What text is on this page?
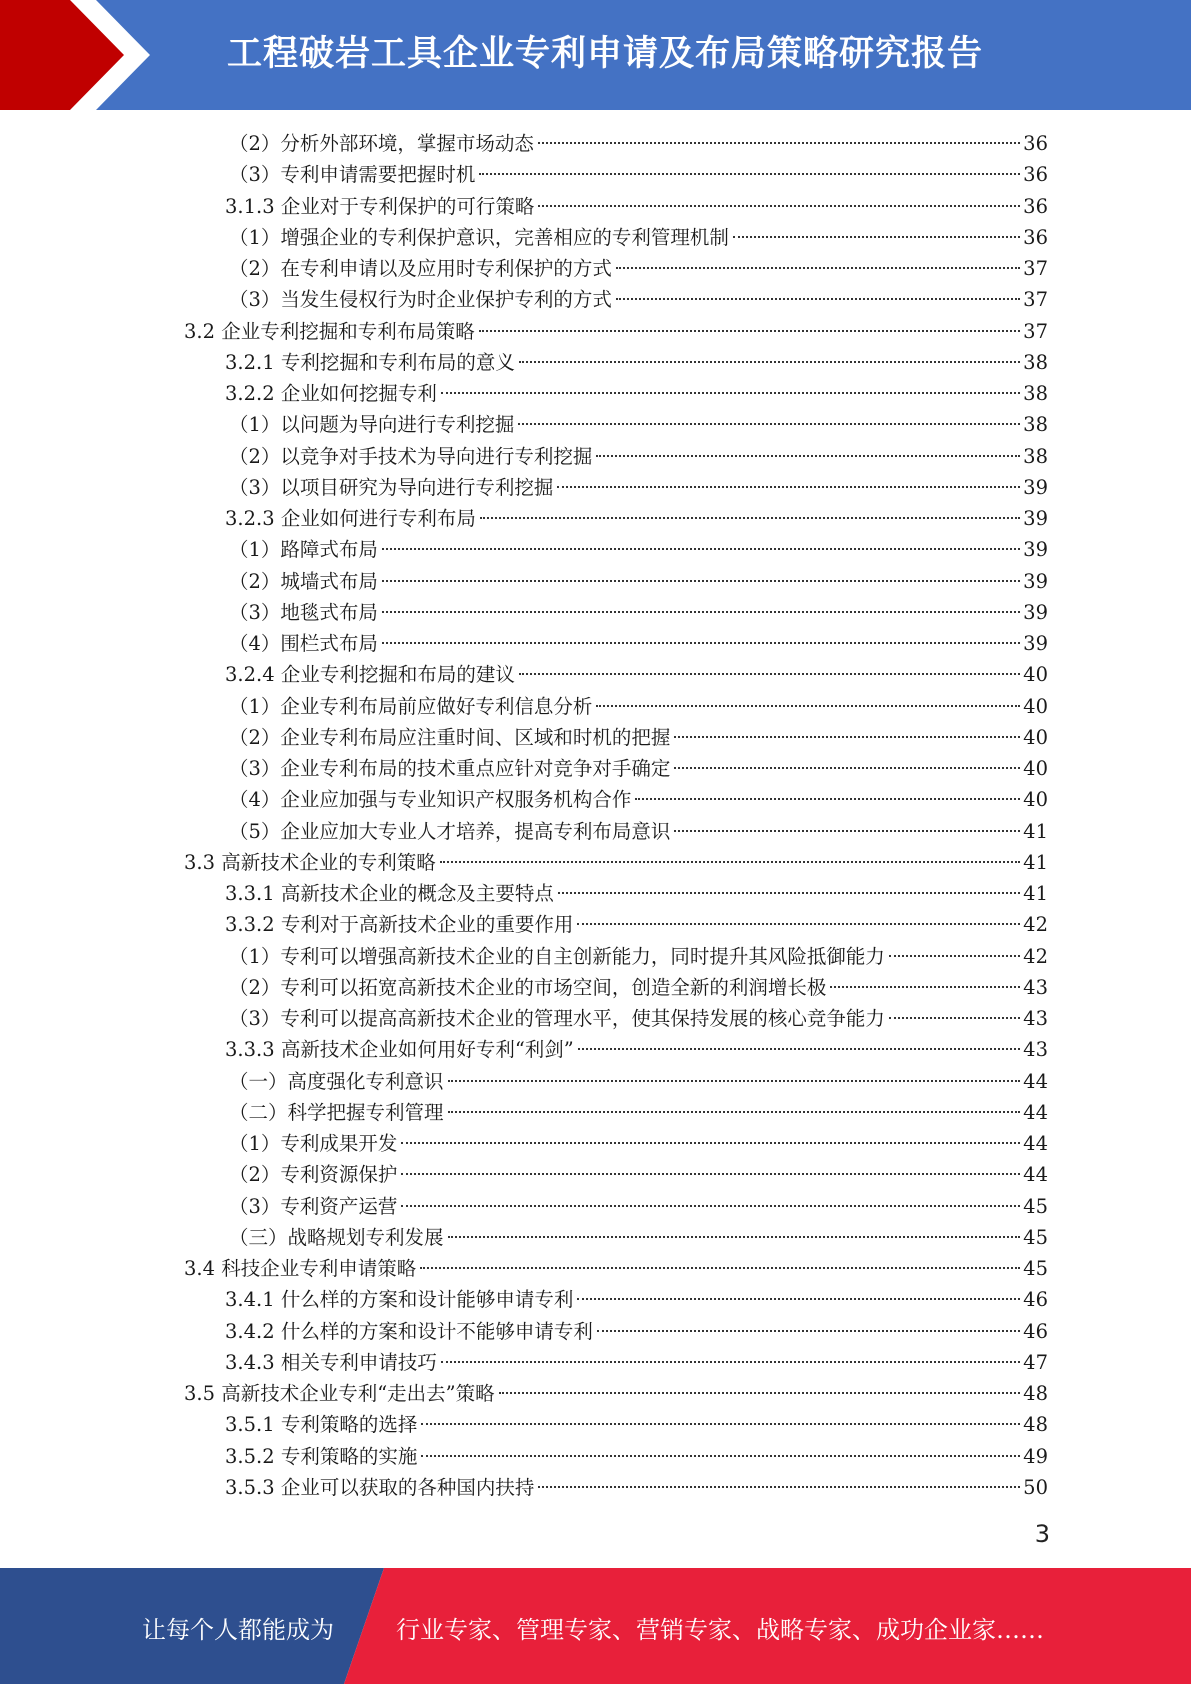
工程破岩工具企业专利申请及布局策略研究报告
（2）分析外部环境，掌握市场动态	36
（3）专利申请需要把握时机	36
3.1.3 企业对于专利保护的可行策略	36
（1）增强企业的专利保护意识，完善相应的专利管理机制	36
（2）在专利申请以及应用时专利保护的方式	37
（3）当发生侵权行为时企业保护专利的方式	37
3.2 企业专利挖掘和专利布局策略	37
3.2.1 专利挖掘和专利布局的意义	38
3.2.2 企业如何挖掘专利	38
（1）以问题为导向进行专利挖掘	38
（2）以竞争对手技术为导向进行专利挖掘	38
（3）以项目研究为导向进行专利挖掘	39
3.2.3 企业如何进行专利布局	39
（1）路障式布局	39
（2）城墙式布局	39
（3）地毯式布局	39
（4）围栏式布局	39
3.2.4 企业专利挖掘和布局的建议	40
（1）企业专利布局前应做好专利信息分析	40
（2）企业专利布局应注重时间、区域和时机的把握	40
（3）企业专利布局的技术重点应针对竞争对手确定	40
（4）企业应加强与专业知识产权服务机构合作	40
（5）企业应加大专业人才培养，提高专利布局意识	41
3.3 高新技术企业的专利策略	41
3.3.1 高新技术企业的概念及主要特点	41
3.3.2 专利对于高新技术企业的重要作用	42
（1）专利可以增强高新技术企业的自主创新能力，同时提升其风险抵御能力	42
（2）专利可以拓宽高新技术企业的市场空间，创造全新的利润增长极	43
（3）专利可以提高高新技术企业的管理水平，使其保持发展的核心竞争能力	43
3.3.3 高新技术企业如何用好专利“利剑”	43
（一）高度强化专利意识	44
（二）科学把握专利管理	44
（1）专利成果开发	44
（2）专利资源保护	44
（3）专利资产运营	45
（三）战略规划专利发展	45
3.4 科技企业专利申请策略	45
3.4.1 什么样的方案和设计能够申请专利	46
3.4.2 什么样的方案和设计不能够申请专利	46
3.4.3 相关专利申请技巧	47
3.5 高新技术企业专利“走出去”策略	48
3.5.1 专利策略的选择	48
3.5.2 专利策略的实施	49
3.5.3 企业可以获取的各种国内扶持	50
3
让每个人都能成为	行业专家、管理专家、营销专家、战略专家、成功企业家……
